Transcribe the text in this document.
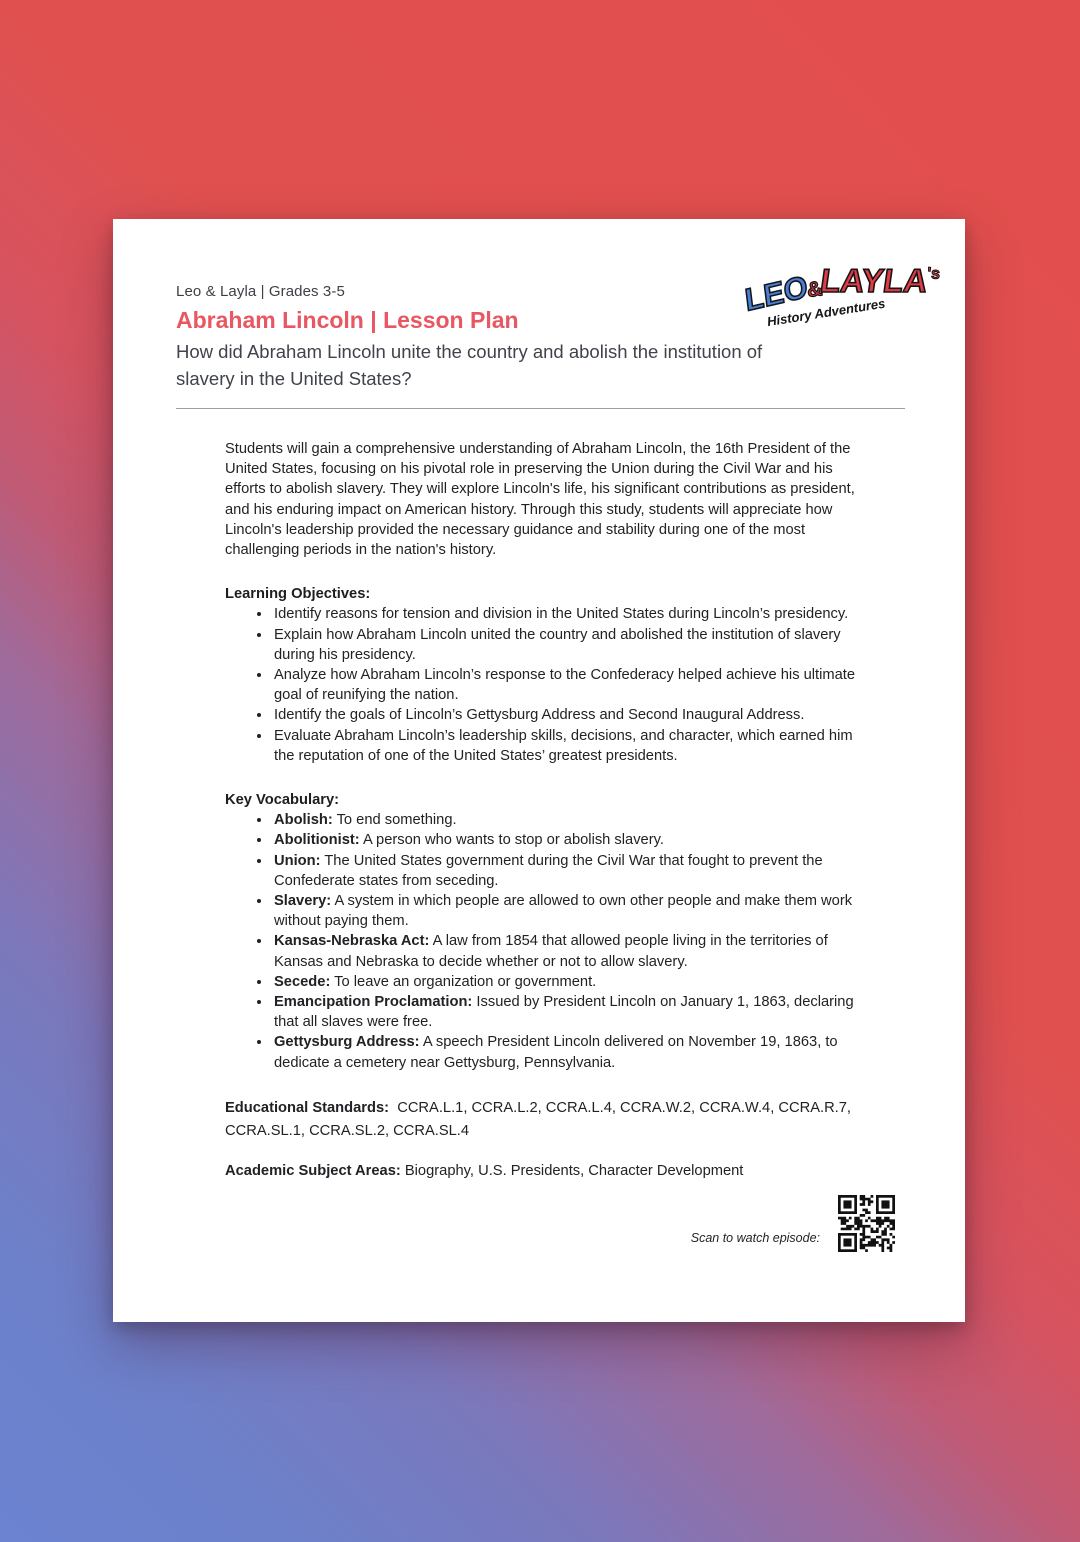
Leo & Layla | Grades 3-5
Abraham Lincoln | Lesson Plan

How did Abraham Lincoln unite the country and abolish the institution of slavery in the United States?

LEO&LAYLA's
History Adventures

Students will gain a comprehensive understanding of Abraham Lincoln, the 16th President of the United States, focusing on his pivotal role in preserving the Union during the Civil War and his efforts to abolish slavery. They will explore Lincoln's life, his significant contributions as president, and his enduring impact on American history. Through this study, students will appreciate how Lincoln's leadership provided the necessary guidance and stability during one of the most challenging periods in the nation's history.

Learning Objectives:
• Identify reasons for tension and division in the United States during Lincoln’s presidency.
• Explain how Abraham Lincoln united the country and abolished the institution of slavery during his presidency.
• Analyze how Abraham Lincoln’s response to the Confederacy helped achieve his ultimate goal of reunifying the nation.
• Identify the goals of Lincoln’s Gettysburg Address and Second Inaugural Address.
• Evaluate Abraham Lincoln’s leadership skills, decisions, and character, which earned him the reputation of one of the United States’ greatest presidents.
Key Vocabulary:
• Abolish: To end something.
• Abolitionist: A person who wants to stop or abolish slavery.
• Union: The United States government during the Civil War that fought to prevent the Confederate states from seceding.
• Slavery: A system in which people are allowed to own other people and make them work without paying them.
• Kansas-Nebraska Act: A law from 1854 that allowed people living in the territories of Kansas and Nebraska to decide whether or not to allow slavery.
• Secede: To leave an organization or government.
• Emancipation Proclamation: Issued by President Lincoln on January 1, 1863, declaring that all slaves were free.
• Gettysburg Address: A speech President Lincoln delivered on November 19, 1863, to dedicate a cemetery near Gettysburg, Pennsylvania.

Educational Standards: CCRA.L.1, CCRA.L.2, CCRA.L.4, CCRA.W.2, CCRA.W.4, CCRA.R.7, CCRA.SL.1, CCRA.SL.2, CCRA.SL.4

Academic Subject Areas: Biography, U.S. Presidents, Character Development

Scan to watch episode:
